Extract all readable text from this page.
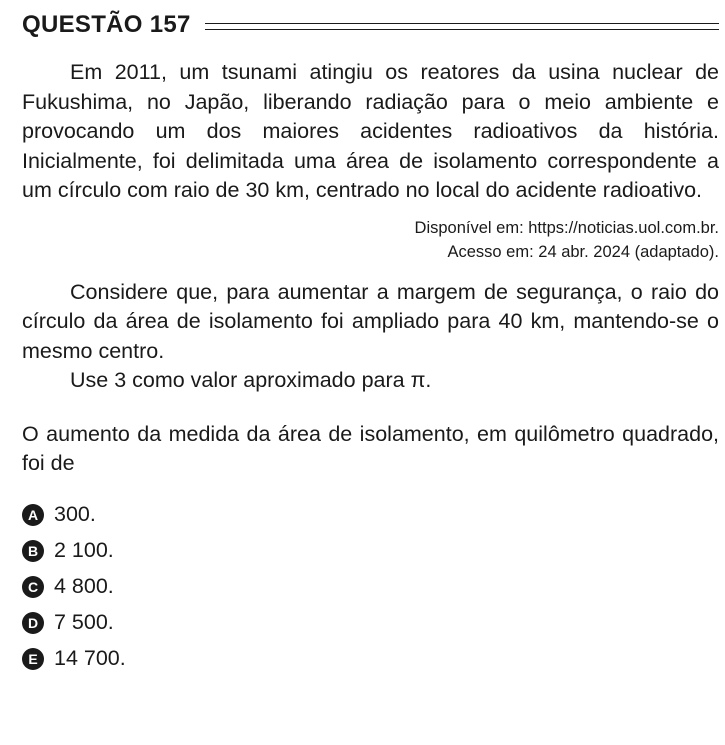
QUESTÃO 157

Em 2011, um tsunami atingiu os reatores da usina nuclear de Fukushima, no Japão, liberando radiação para o meio ambiente e provocando um dos maiores acidentes radioativos da história. Inicialmente, foi delimitada uma área de isolamento correspondente a um círculo com raio de 30 km, centrado no local do acidente radioativo.

Disponível em: https://noticias.uol.com.br.
Acesso em: 24 abr. 2024 (adaptado).

Considere que, para aumentar a margem de segurança, o raio do círculo da área de isolamento foi ampliado para 40 km, mantendo-se o mesmo centro.

Use 3 como valor aproximado para π.

O aumento da medida da área de isolamento, em quilômetro quadrado, foi de

A 300.
B 2 100.
C 4 800.
D 7 500.
E 14 700.
